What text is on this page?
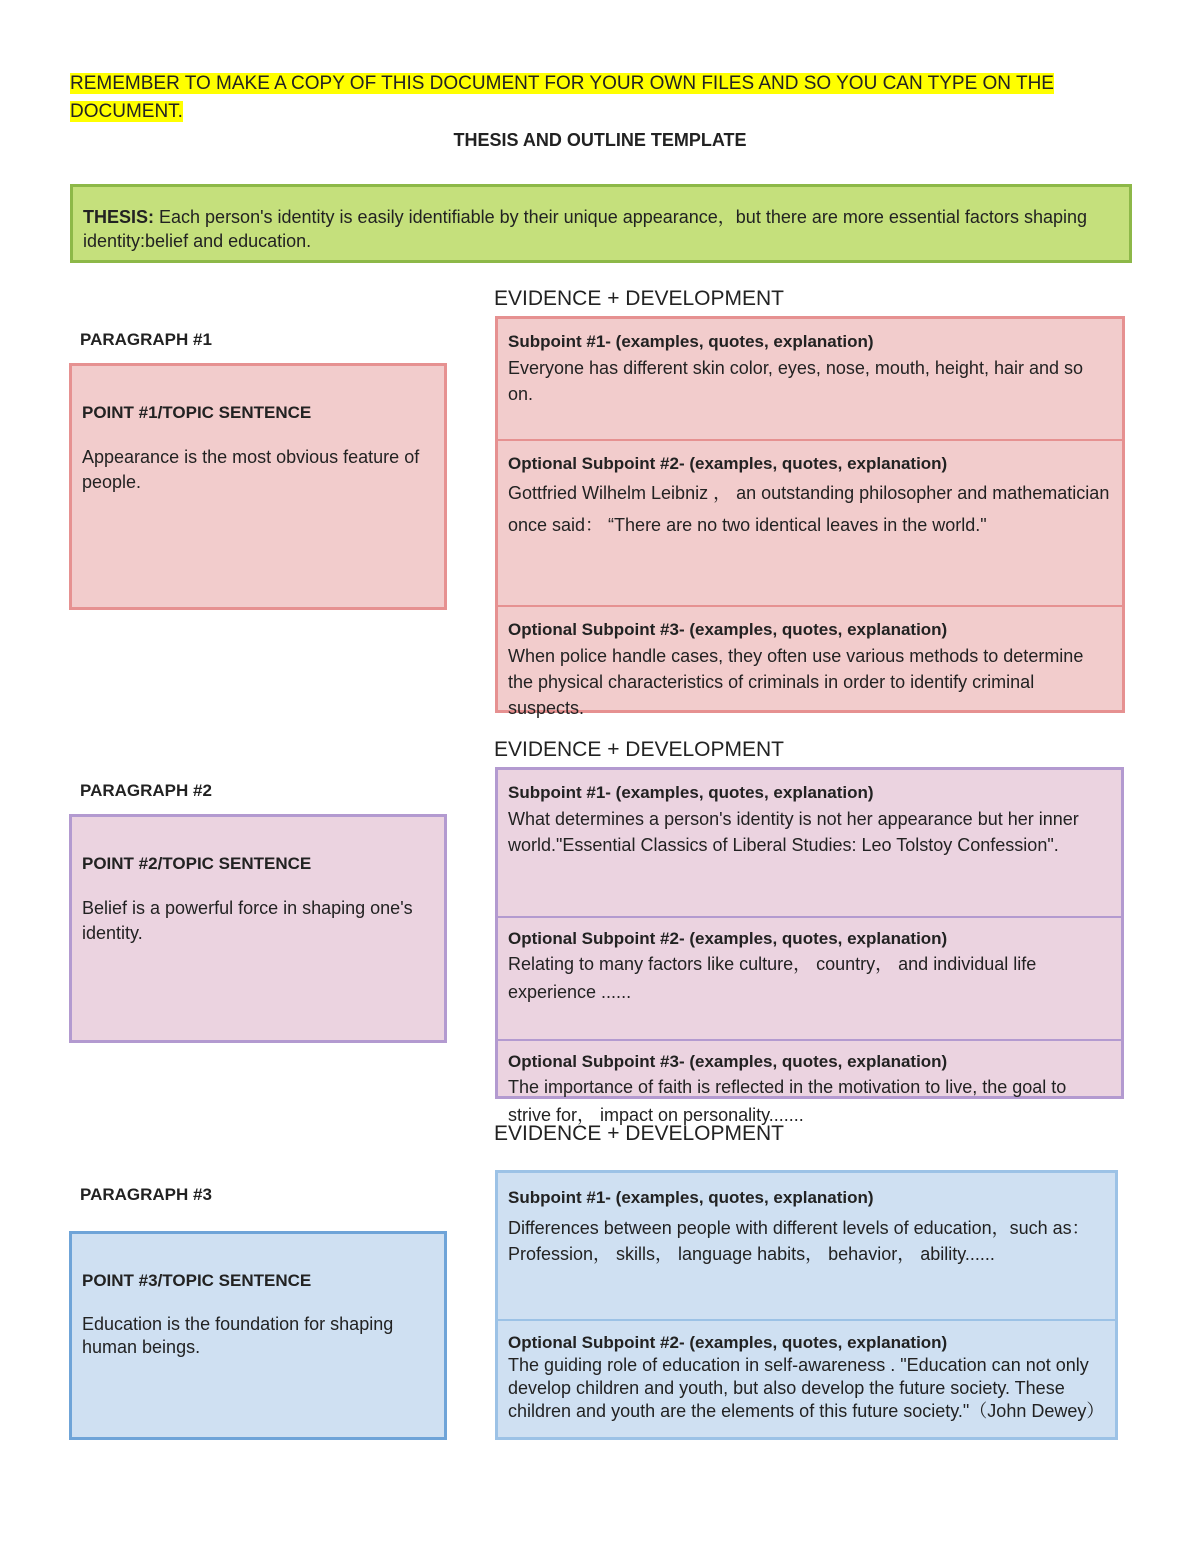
REMEMBER TO MAKE A COPY OF THIS DOCUMENT FOR YOUR OWN FILES AND SO YOU CAN TYPE ON THE DOCUMENT.
THESIS AND OUTLINE TEMPLATE
THESIS: Each person's identity is easily identifiable by their unique appearance，but there are more essential factors shaping identity:belief and education.
EVIDENCE + DEVELOPMENT
PARAGRAPH #1
POINT #1/TOPIC SENTENCE
Appearance is the most obvious feature of people.
Subpoint #1- (examples, quotes, explanation)
Everyone has different skin color, eyes, nose, mouth, height, hair and so on.
Optional Subpoint #2- (examples, quotes, explanation)
Gottfried Wilhelm Leibniz ， an outstanding philosopher and mathematician once said： “There are no two identical leaves in the world."
Optional Subpoint #3- (examples, quotes, explanation)
When police handle cases, they often use various methods to determine the physical characteristics of criminals in order to identify criminal suspects.
EVIDENCE + DEVELOPMENT
PARAGRAPH #2
POINT #2/TOPIC SENTENCE
Belief is a powerful force in shaping one's identity.
Subpoint #1- (examples, quotes, explanation)
What determines a person's identity is not her appearance but her inner world."Essential Classics of Liberal Studies: Leo Tolstoy Confession".
Optional Subpoint #2- (examples, quotes, explanation)
Relating to many factors like culture， country， and individual life experience ......
Optional Subpoint #3- (examples, quotes, explanation)
The importance of faith is reflected in the motivation to live, the goal to strive for， impact on personality.......
EVIDENCE + DEVELOPMENT
PARAGRAPH #3
POINT #3/TOPIC SENTENCE
Education is the foundation for shaping human beings.
Subpoint #1- (examples, quotes, explanation)
Differences between people with different levels of education，such as： Profession， skills， language habits， behavior， ability......
Optional Subpoint #2- (examples, quotes, explanation)
The guiding role of education in self-awareness . "Education can not only develop children and youth, but also develop the future society. These children and youth are the elements of this future society."（John Dewey）
